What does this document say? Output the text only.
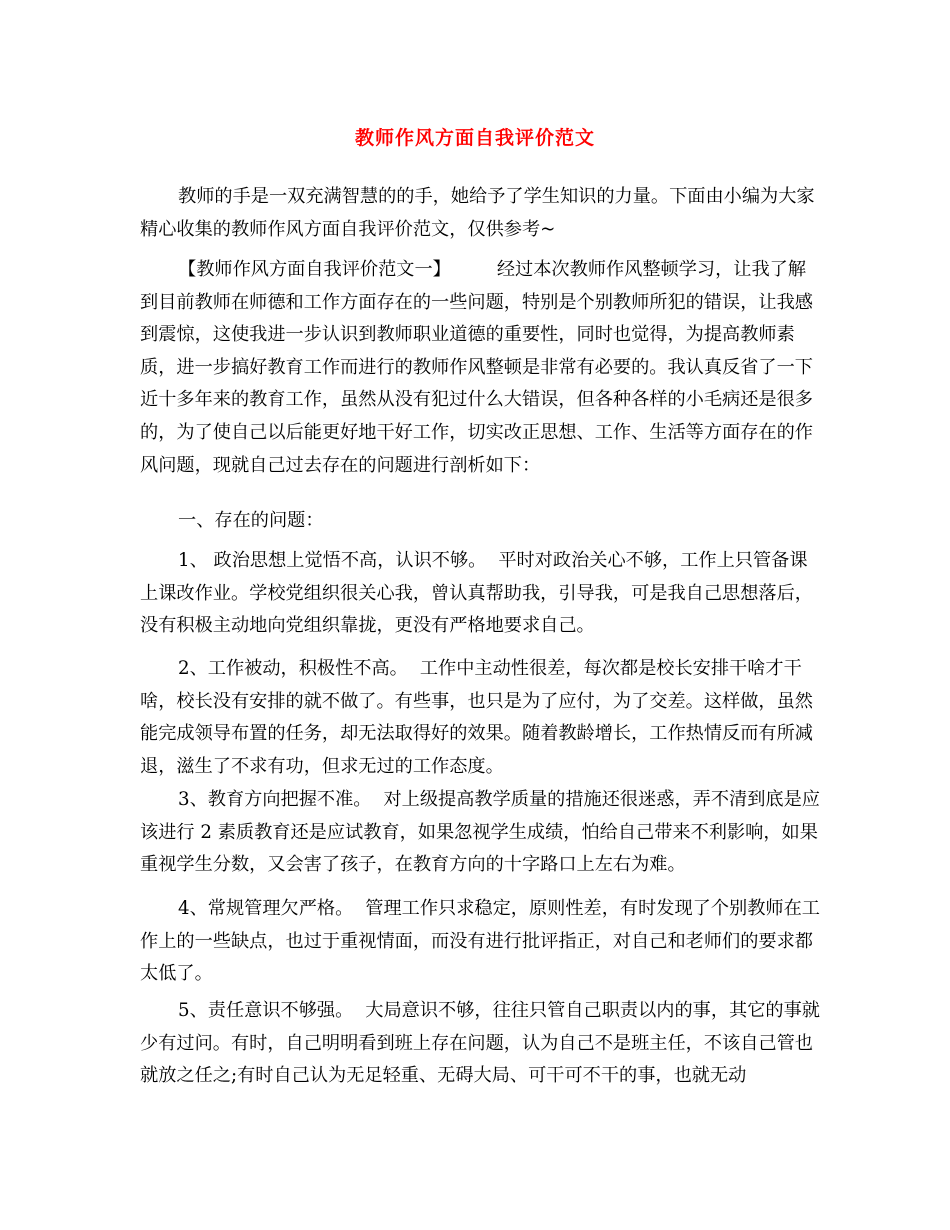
教师作风方面自我评价范文

教师的手是一双充满智慧的的手，她给予了学生知识的力量。下面由小编为大家精心收集的教师作风方面自我评价范文，仅供参考~

【教师作风方面自我评价范文一】	经过本次教师作风整顿学习，让我了解到目前教师在师德和工作方面存在的一些问题，特别是个别教师所犯的错误，让我感到震惊，这使我进一步认识到教师职业道德的重要性，同时也觉得，为提高教师素质，进一步搞好教育工作而进行的教师作风整顿是非常有必要的。我认真反省了一下近十多年来的教育工作，虽然从没有犯过什么大错误，但各种各样的小毛病还是很多的，为了使自己以后能更好地干好工作，切实改正思想、工作、生活等方面存在的作风问题，现就自己过去存在的问题进行剖析如下：

一、存在的问题：

1、 政治思想上觉悟不高，认识不够。 平时对政治关心不够，工作上只管备课上课改作业。学校党组织很关心我，曾认真帮助我，引导我，可是我自己思想落后，没有积极主动地向党组织靠拢，更没有严格地要求自己。

2、工作被动，积极性不高。 工作中主动性很差，每次都是校长安排干啥才干啥，校长没有安排的就不做了。有些事，也只是为了应付，为了交差。这样做，虽然能完成领导布置的任务，却无法取得好的效果。随着教龄增长，工作热情反而有所减退，滋生了不求有功，但求无过的工作态度。

3、教育方向把握不准。 对上级提高教学质量的措施还很迷惑，弄不清到底是应该进行 2 素质教育还是应试教育，如果忽视学生成绩，怕给自己带来不利影响，如果重视学生分数，又会害了孩子，在教育方向的十字路口上左右为难。

4、常规管理欠严格。 管理工作只求稳定，原则性差，有时发现了个别教师在工作上的一些缺点，也过于重视情面，而没有进行批评指正，对自己和老师们的要求都太低了。

5、责任意识不够强。 大局意识不够，往往只管自己职责以内的事，其它的事就少有过问。有时，自己明明看到班上存在问题，认为自己不是班主任，不该自己管也就放之任之;有时自己认为无足轻重、无碍大局、可干可不干的事，也就无动
